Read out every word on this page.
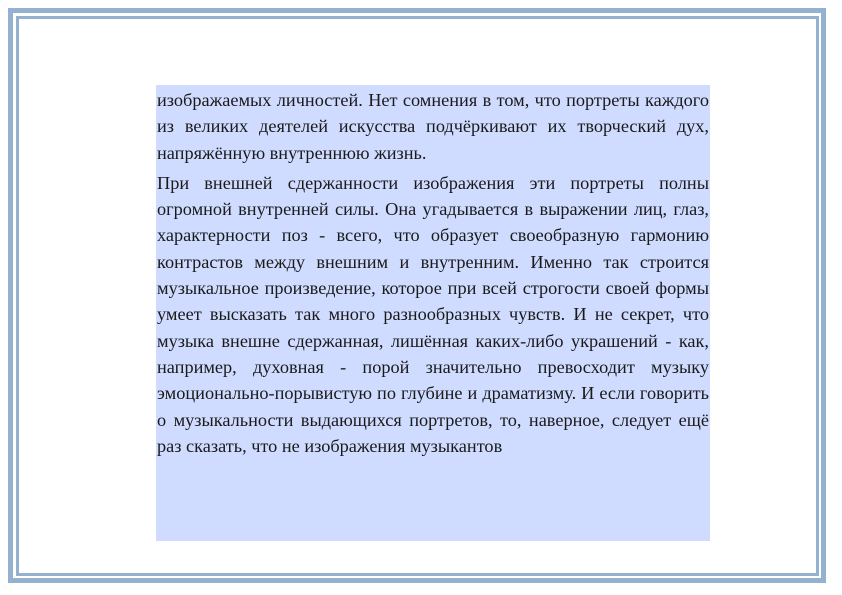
изображаемых личностей. Нет сомнения в том, что портреты каждого из великих деятелей искусства подчёркивают их творческий дух, напряжённую внутреннюю жизнь.

При внешней сдержанности изображения эти портреты полны огромной внутренней силы. Она угадывается в выражении лиц, глаз, характерности поз - всего, что образует своеобразную гармонию контрастов между внешним и внутренним. Именно так строится музыкальное произведение, которое при всей строгости своей формы умеет высказать так много разнообразных чувств. И не секрет, что музыка внешне сдержанная, лишённая каких-либо украшений - как, например, духовная - порой значительно превосходит музыку эмоционально-порывистую по глубине и драматизму. И если говорить о музыкальности выдающихся портретов, то, наверное, следует ещё раз сказать, что не изображения музыкантов
